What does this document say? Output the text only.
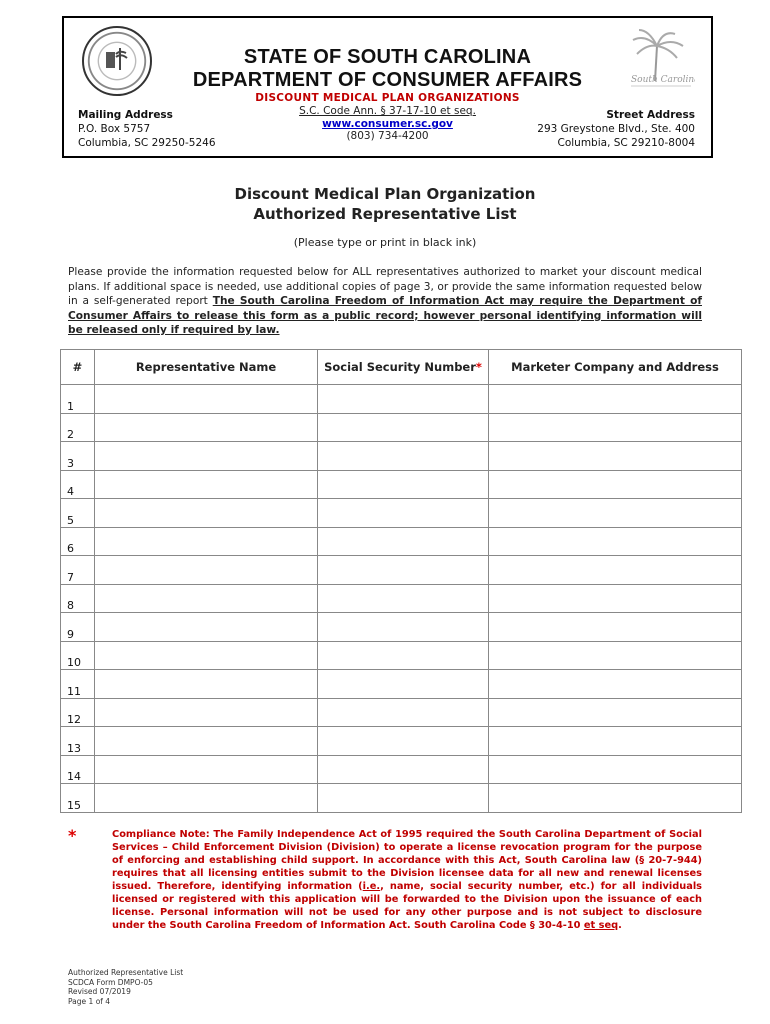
South Carolina
STATE OF SOUTH CAROLINA
DEPARTMENT OF CONSUMER AFFAIRS
DISCOUNT MEDICAL PLAN ORGANIZATIONS
S.C. Code Ann. § 37-17-10 et seq.
www.consumer.sc.gov
(803) 734-4200
Mailing Address
P.O. Box 5757
Columbia, SC 29250-5246
Street Address
293 Greystone Blvd., Ste. 400
Columbia, SC 29210-8004
Discount Medical Plan Organization
Authorized Representative List
(Please type or print in black ink)
Please provide the information requested below for ALL representatives authorized to market your discount medical plans. If additional space is needed, use additional copies of page 3, or provide the same information requested below in a self-generated report The South Carolina Freedom of Information Act may require the Department of Consumer Affairs to release this form as a public record; however personal identifying information will be released only if required by law.
#	Representative Name	Social Security Number*	Marketer Company and Address
1			
2			
3			
4			
5			
6			
7			
8			
9			
10			
11			
12			
13			
14			
15			
*	Compliance Note: The Family Independence Act of 1995 required the South Carolina Department of Social Services – Child Enforcement Division (Division) to operate a license revocation program for the purpose of enforcing and establishing child support. In accordance with this Act, South Carolina law (§ 20-7-944) requires that all licensing entities submit to the Division licensee data for all new and renewal licenses issued. Therefore, identifying information (i.e., name, social security number, etc.) for all individuals licensed or registered with this application will be forwarded to the Division upon the issuance of each license. Personal information will not be used for any other purpose and is not subject to disclosure under the South Carolina Freedom of Information Act. South Carolina Code § 30-4-10 et seq.
Authorized Representative List
SCDCA Form DMPO-05
Revised 07/2019
Page 1 of 4
